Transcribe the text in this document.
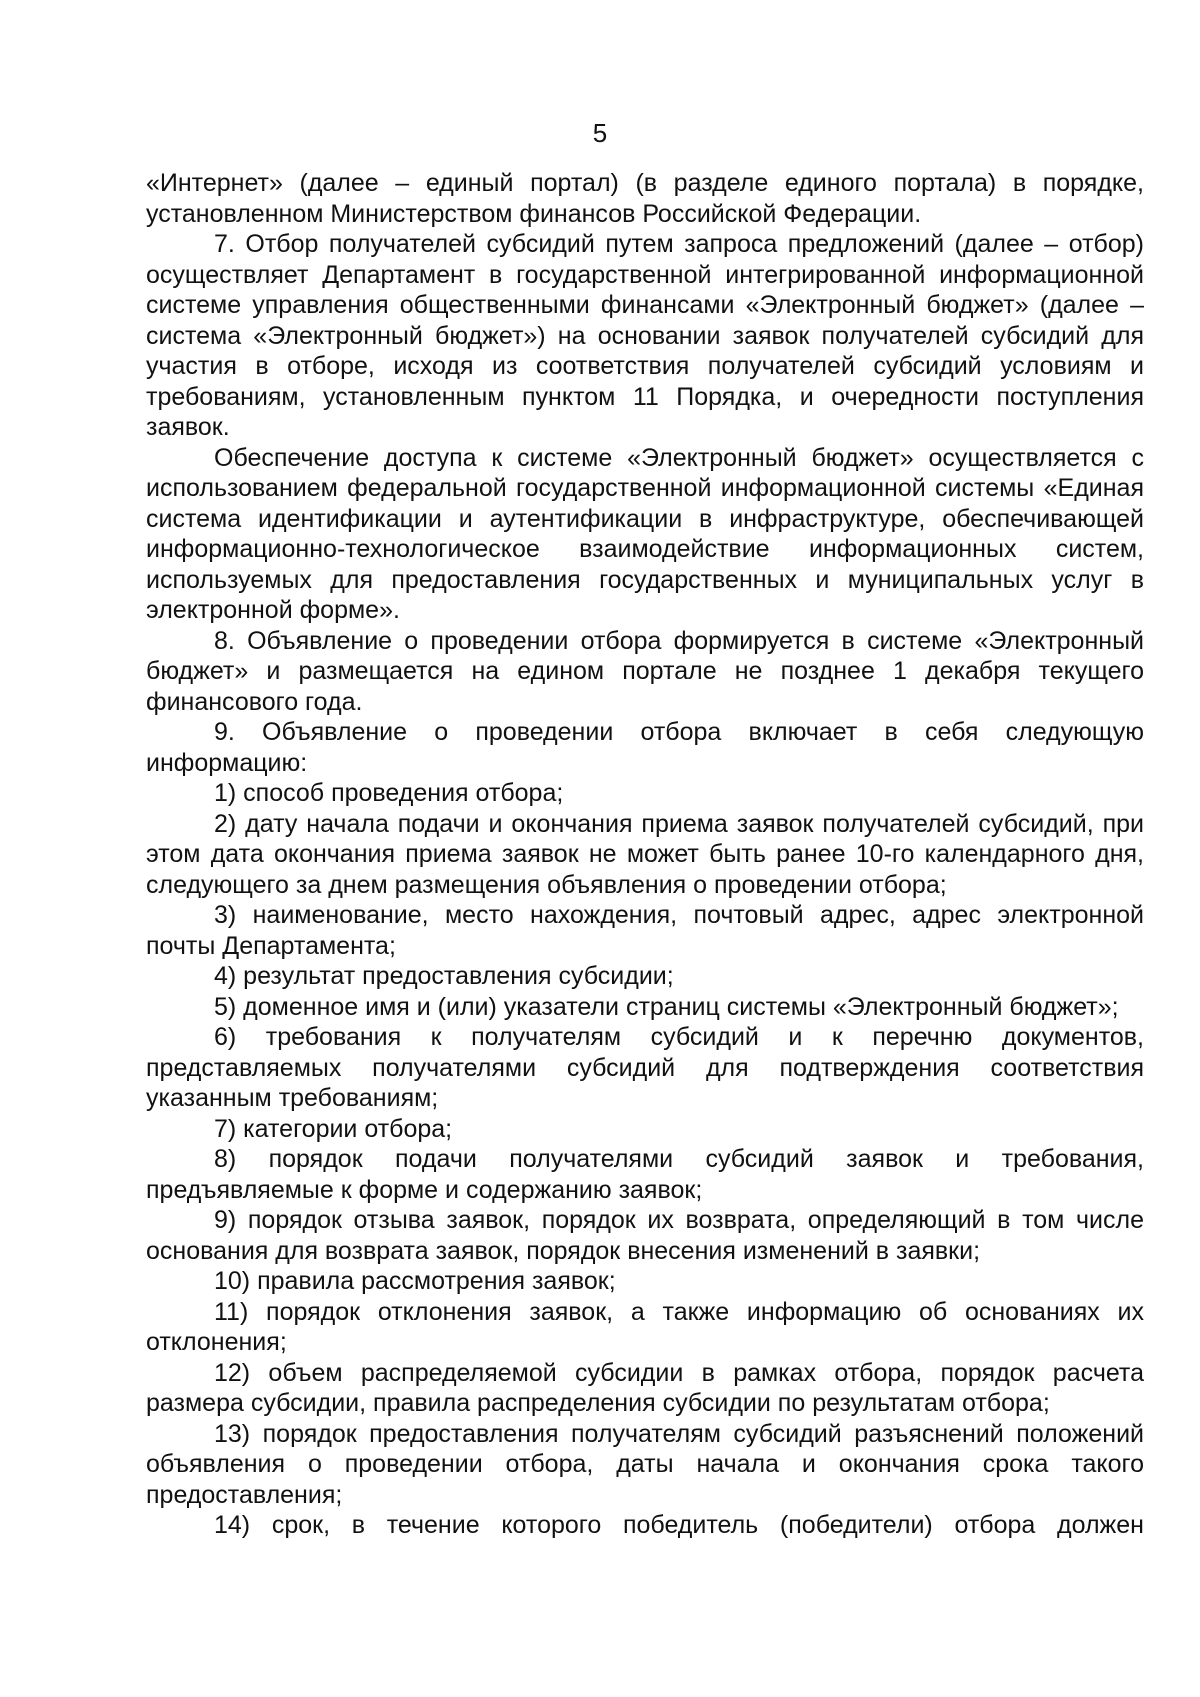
5

«Интернет» (далее – единый портал) (в разделе единого портала) в порядке, установленном Министерством финансов Российской Федерации.

7. Отбор получателей субсидий путем запроса предложений (далее – отбор) осуществляет Департамент в государственной интегрированной информационной системе управления общественными финансами «Электронный бюджет» (далее – система «Электронный бюджет») на основании заявок получателей субсидий для участия в отборе, исходя из соответствия получателей субсидий условиям и требованиям, установленным пунктом 11 Порядка, и очередности поступления заявок.

Обеспечение доступа к системе «Электронный бюджет» осуществляется с использованием федеральной государственной информационной системы «Единая система идентификации и аутентификации в инфраструктуре, обеспечивающей информационно-технологическое взаимодействие информационных систем, используемых для предоставления государственных и муниципальных услуг в электронной форме».

8. Объявление о проведении отбора формируется в системе «Электронный бюджет» и размещается на едином портале не позднее 1 декабря текущего финансового года.

9. Объявление о проведении отбора включает в себя следующую информацию:

1) способ проведения отбора;

2) дату начала подачи и окончания приема заявок получателей субсидий, при этом дата окончания приема заявок не может быть ранее 10-го календарного дня, следующего за днем размещения объявления о проведении отбора;

3) наименование, место нахождения, почтовый адрес, адрес электронной почты Департамента;

4) результат предоставления субсидии;

5) доменное имя и (или) указатели страниц системы «Электронный бюджет»;

6) требования к получателям субсидий и к перечню документов, представляемых получателями субсидий для подтверждения соответствия указанным требованиям;

7) категории отбора;

8) порядок подачи получателями субсидий заявок и требования, предъявляемые к форме и содержанию заявок;

9) порядок отзыва заявок, порядок их возврата, определяющий в том числе основания для возврата заявок, порядок внесения изменений в заявки;

10) правила рассмотрения заявок;

11) порядок отклонения заявок, а также информацию об основаниях их отклонения;

12) объем распределяемой субсидии в рамках отбора, порядок расчета размера субсидии, правила распределения субсидии по результатам отбора;

13) порядок предоставления получателям субсидий разъяснений положений объявления о проведении отбора, даты начала и окончания срока такого предоставления;

14) срок, в течение которого победитель (победители) отбора должен
